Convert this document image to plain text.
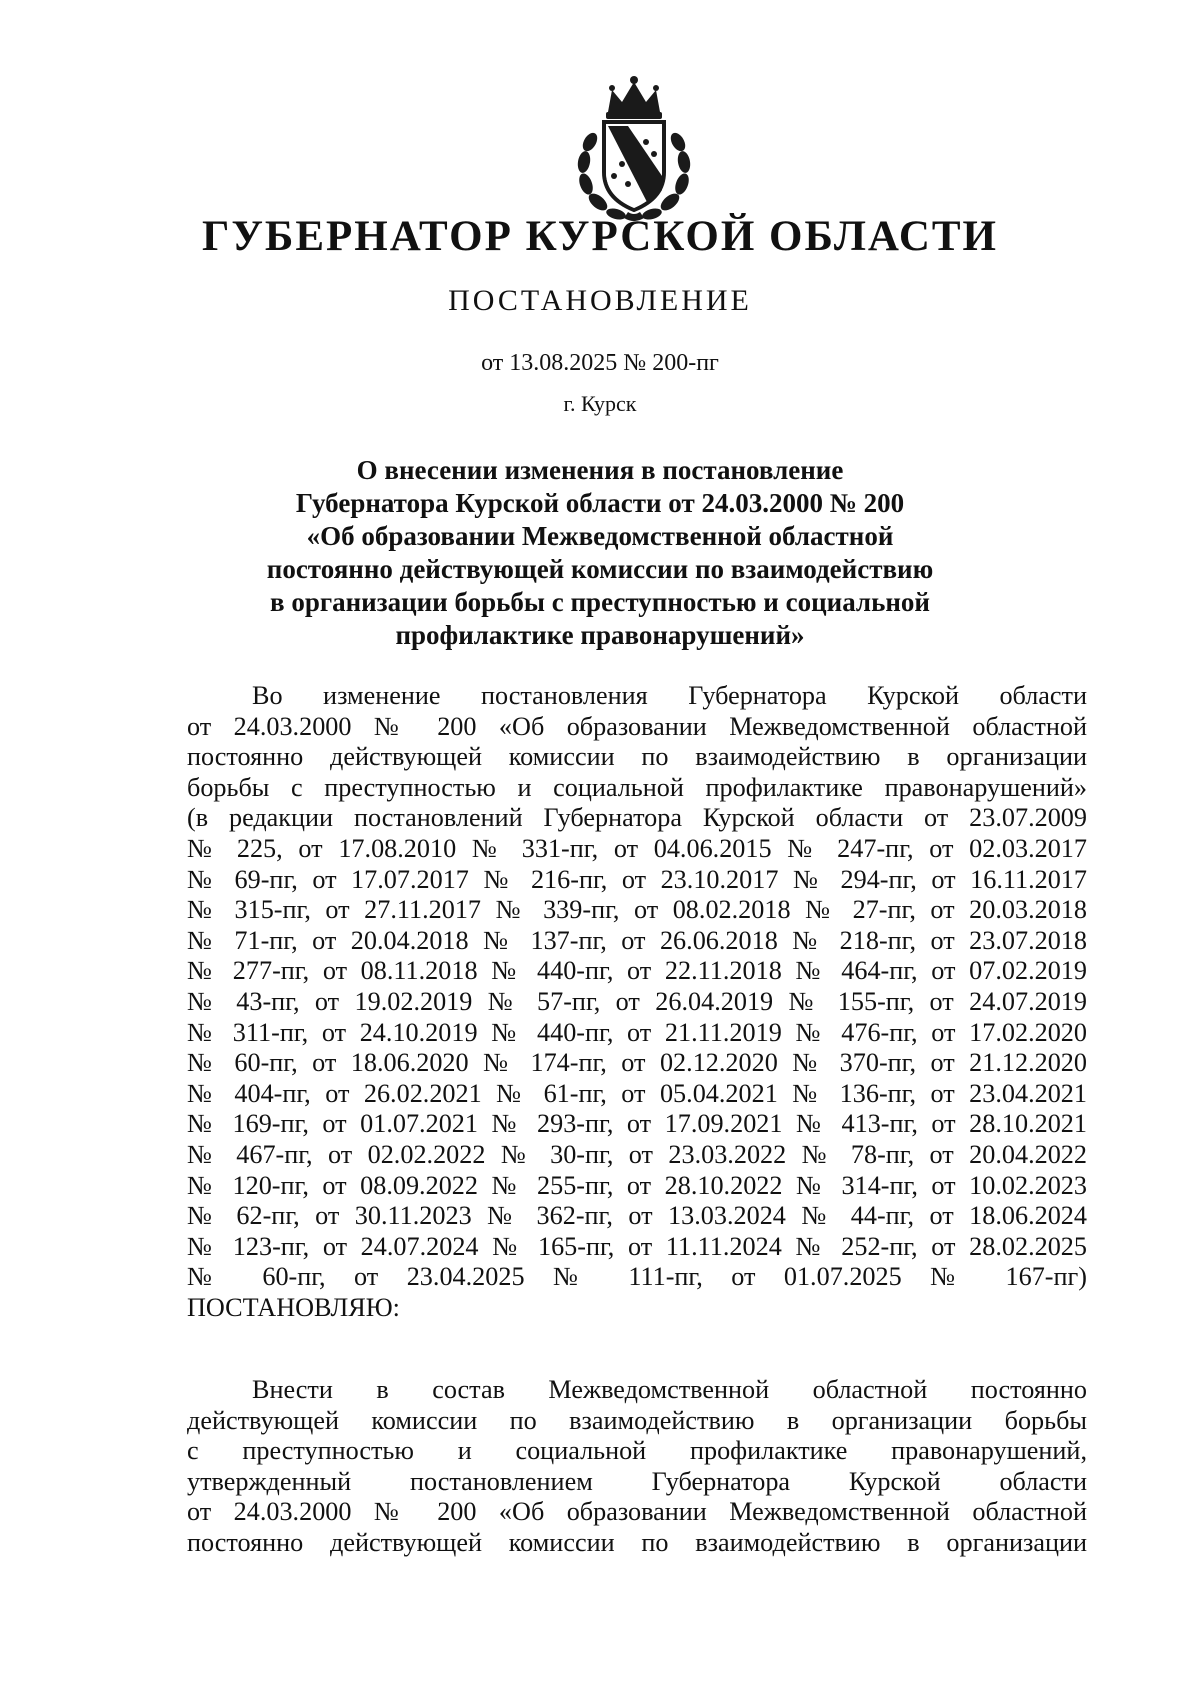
ГУБЕРНАТОР КУРСКОЙ ОБЛАСТИ
ПОСТАНОВЛЕНИЕ
от 13.08.2025 № 200-пг
г. Курск
О внесении изменения в постановление
Губернатора Курской области от 24.03.2000 № 200
«Об образовании Межведомственной областной
постоянно действующей комиссии по взаимодействию
в организации борьбы с преступностью и социальной
профилактике правонарушений»
Во изменение постановления Губернатора Курской области
от 24.03.2000 № 200 «Об образовании Межведомственной областной
постоянно действующей комиссии по взаимодействию в организации
борьбы с преступностью и социальной профилактике правонарушений»
(в редакции постановлений Губернатора Курской области от 23.07.2009
№ 225, от 17.08.2010 № 331-пг, от 04.06.2015 № 247-пг, от 02.03.2017
№ 69-пг, от 17.07.2017 № 216-пг, от 23.10.2017 № 294-пг, от 16.11.2017
№ 315-пг, от 27.11.2017 № 339-пг, от 08.02.2018 № 27-пг, от 20.03.2018
№ 71-пг, от 20.04.2018 № 137-пг, от 26.06.2018 № 218-пг, от 23.07.2018
№ 277-пг, от 08.11.2018 № 440-пг, от 22.11.2018 № 464-пг, от 07.02.2019
№ 43-пг, от 19.02.2019 № 57-пг, от 26.04.2019 № 155-пг, от 24.07.2019
№ 311-пг, от 24.10.2019 № 440-пг, от 21.11.2019 № 476-пг, от 17.02.2020
№ 60-пг, от 18.06.2020 № 174-пг, от 02.12.2020 № 370-пг, от 21.12.2020
№ 404-пг, от 26.02.2021 № 61-пг, от 05.04.2021 № 136-пг, от 23.04.2021
№ 169-пг, от 01.07.2021 № 293-пг, от 17.09.2021 № 413-пг, от 28.10.2021
№ 467-пг, от 02.02.2022 № 30-пг, от 23.03.2022 № 78-пг, от 20.04.2022
№ 120-пг, от 08.09.2022 № 255-пг, от 28.10.2022 № 314-пг, от 10.02.2023
№ 62-пг, от 30.11.2023 № 362-пг, от 13.03.2024 № 44-пг, от 18.06.2024
№ 123-пг, от 24.07.2024 № 165-пг, от 11.11.2024 № 252-пг, от 28.02.2025
№ 60-пг, от 23.04.2025 № 111-пг, от 01.07.2025 № 167-пг)
ПОСТАНОВЛЯЮ:
Внести в состав Межведомственной областной постоянно
действующей комиссии по взаимодействию в организации борьбы
с преступностью и социальной профилактике правонарушений,
утвержденный постановлением Губернатора Курской области
от 24.03.2000 № 200 «Об образовании Межведомственной областной
постоянно действующей комиссии по взаимодействию в организации
